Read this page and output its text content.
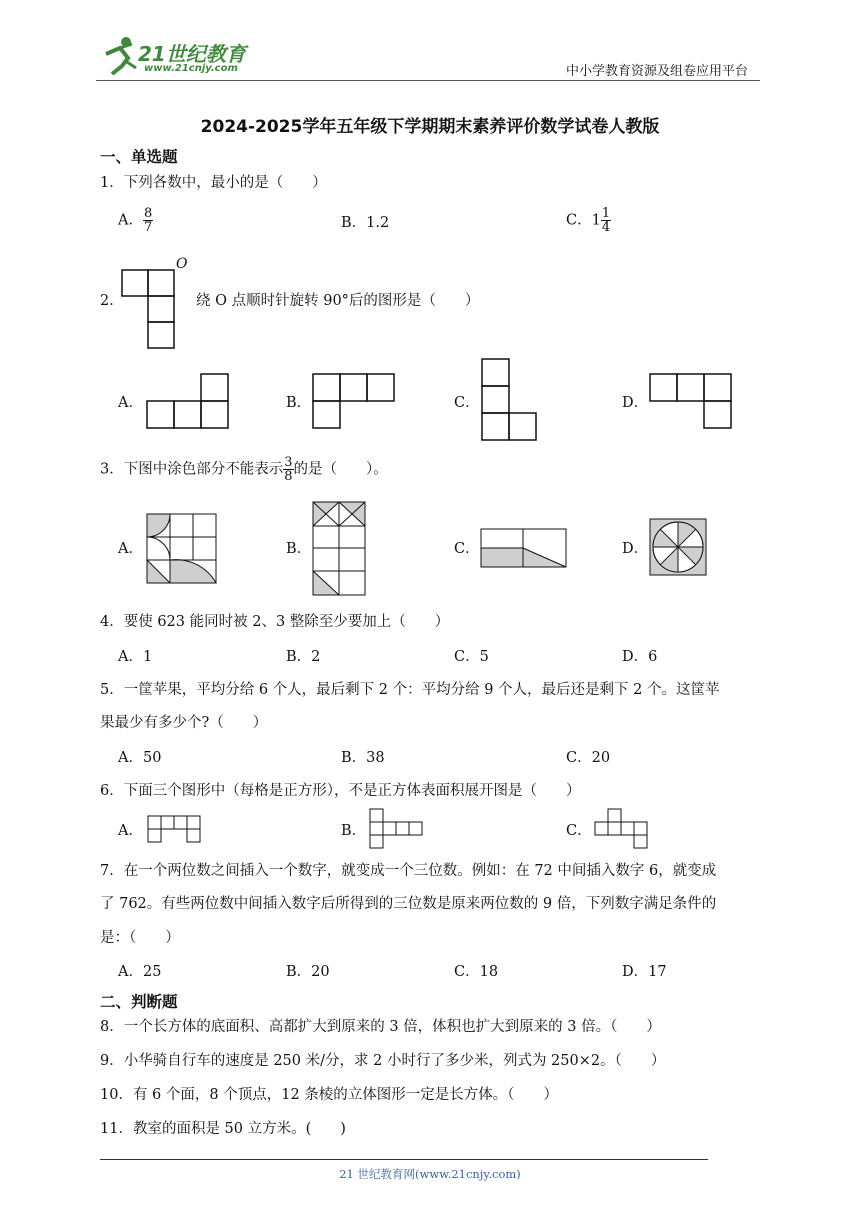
21世纪教育
www.21cnjy.com	中小学教育资源及组卷应用平台
2024-2025学年五年级下学期期末素养评价数学试卷人教版
一、单选题
1．下列各数中，最小的是（　　）
A． $\frac{8}{7}$	B．1.2	C．$1 \frac{1}{4}$
2．
O
绕 O 点顺时针旋转 90°后的图形是（　　）
A．	B．	C．	D．
3．下图中涂色部分不能表示 $\frac{3}{8}$ 的是（　　）。
A．	B．	C．	D．
4．要使 623 能同时被 2、3 整除至少要加上（　　）
A．1	B．2	C．5	D．6
5．一筐苹果，平均分给 6 个人，最后剩下 2 个：平均分给 9 个人，最后还是剩下 2 个。这筐苹
果最少有多少个?（　　）
A．50	B．38	C．20
6．下面三个图形中（每格是正方形），不是正方体表面积展开图是（　　）
A．	B．	C．
7．在一个两位数之间插入一个数字，就变成一个三位数。例如：在 72 中间插入数字 6，就变成
了 762。有些两位数中间插入数字后所得到的三位数是原来两位数的 9 倍，下列数字满足条件的
是：（　　）
A．25	B．20	C．18	D．17
二、判断题
8．一个长方体的底面积、高都扩大到原来的 3 倍，体积也扩大到原来的 3 倍。（　　）
9．小华骑自行车的速度是 250 米/分，求 2 小时行了多少米，列式为 250×2。（　　）
10．有 6 个面，8 个顶点，12 条棱的立体图形一定是长方体。（　　）
11．教室的面积是 50 立方米。(　　)
21 世纪教育网(www.21cnjy.com)
